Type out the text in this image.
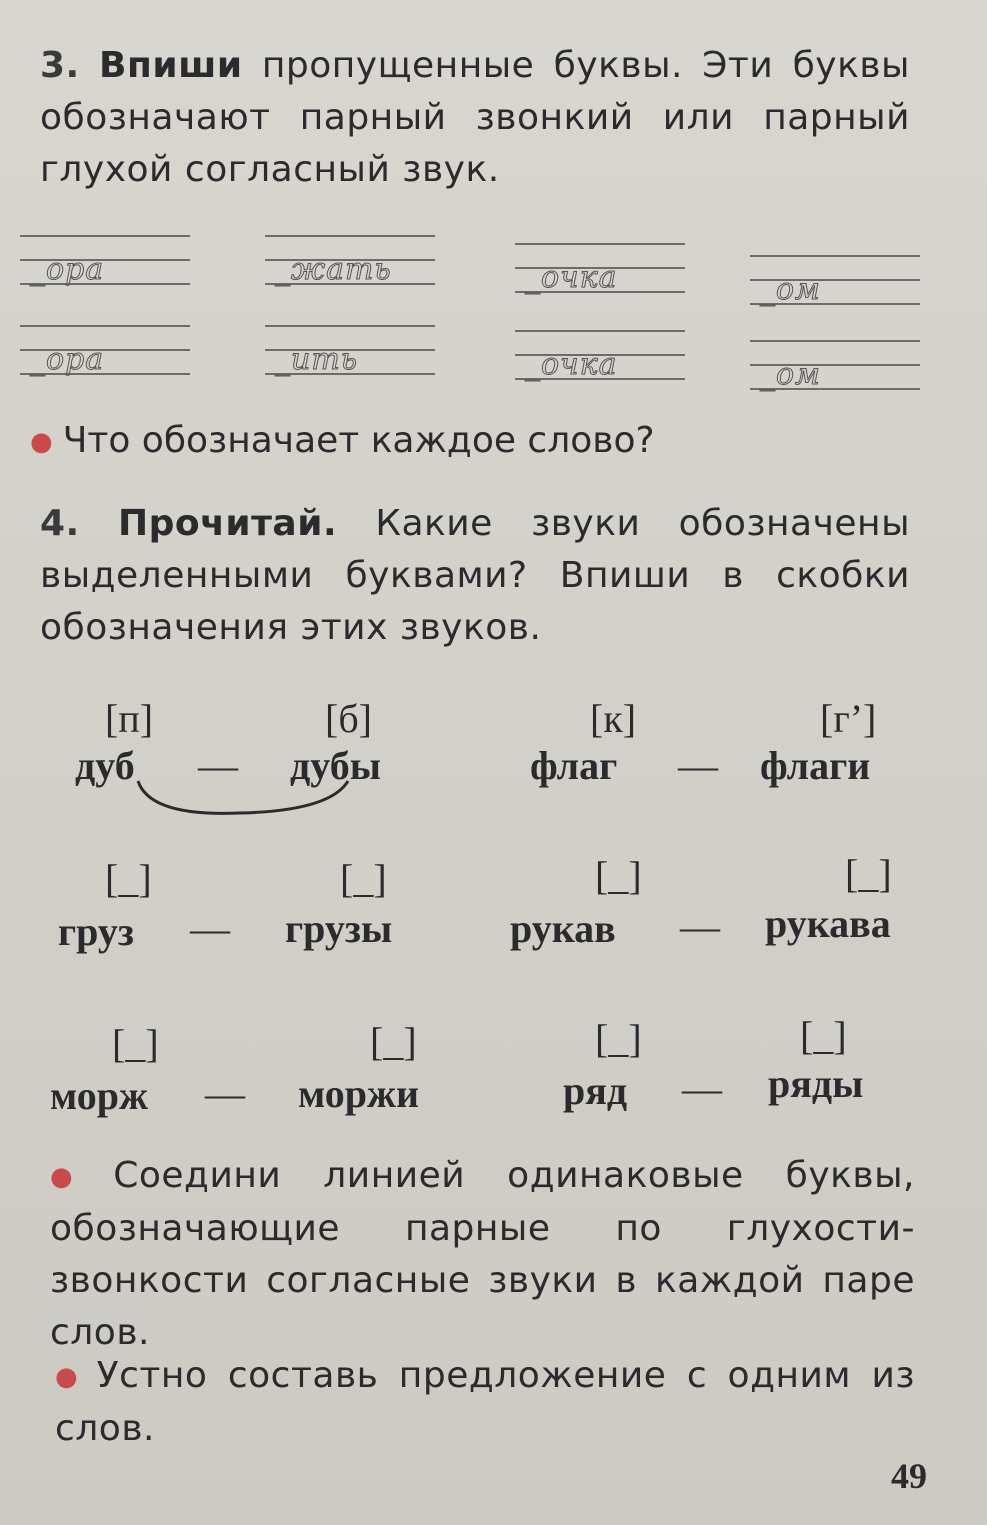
3. Впиши пропущенные буквы. Эти буквы обозначают парный звонкий или парный глухой согласный звук.
_ора	_жать	_очка	_ом
_ора	_ить	_очка	_ом
● Что обозначает каждое слово?
4. Прочитай. Какие звуки обозначены выделенными буквами? Впиши в скобки обозначения этих звуков.
[п]	[б]	[к]	[г’]
дуб — дубы	флаг — флаги
[_]	[_]	[_]	[_]
груз — грузы	рукав — рукава
[_]	[_]	[_]	[_]
морж — моржи	ряд — ряды
● Соедини линией одинаковые буквы, обозначающие парные по глухости-звонкости согласные звуки в каждой паре слов.
● Устно составь предложение с одним из слов.
49
